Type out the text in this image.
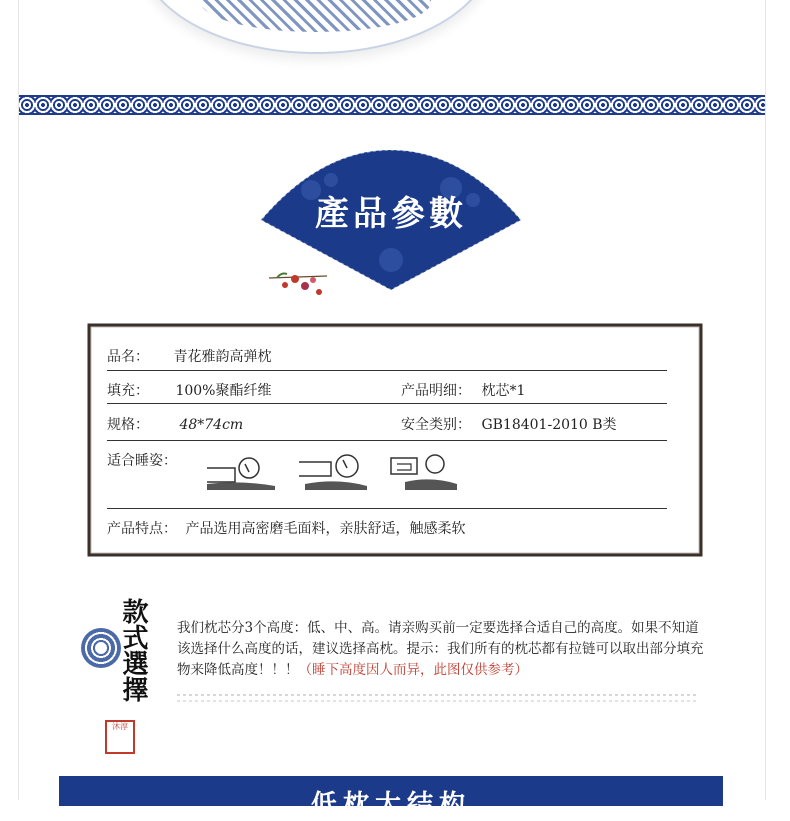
產品參數
品名： 青花雅韵高弹枕
填充： 100%聚酯纤维	产品明细： 枕芯*1
规格： 48*74cm	安全类别： GB18401-2010 B类
适合睡姿：
产品特点： 产品选用高密磨毛面料，亲肤舒适，触感柔软
款式選擇
沐淳
我们枕芯分3个高度：低、中、高。请亲购买前一定要选择合适自己的高度。如果不知道该选择什么高度的话，建议选择高枕。提示：我们所有的枕芯都有拉链可以取出部分填充物来降低高度！！！（睡下高度因人而异，此图仅供参考）
低枕大结构
